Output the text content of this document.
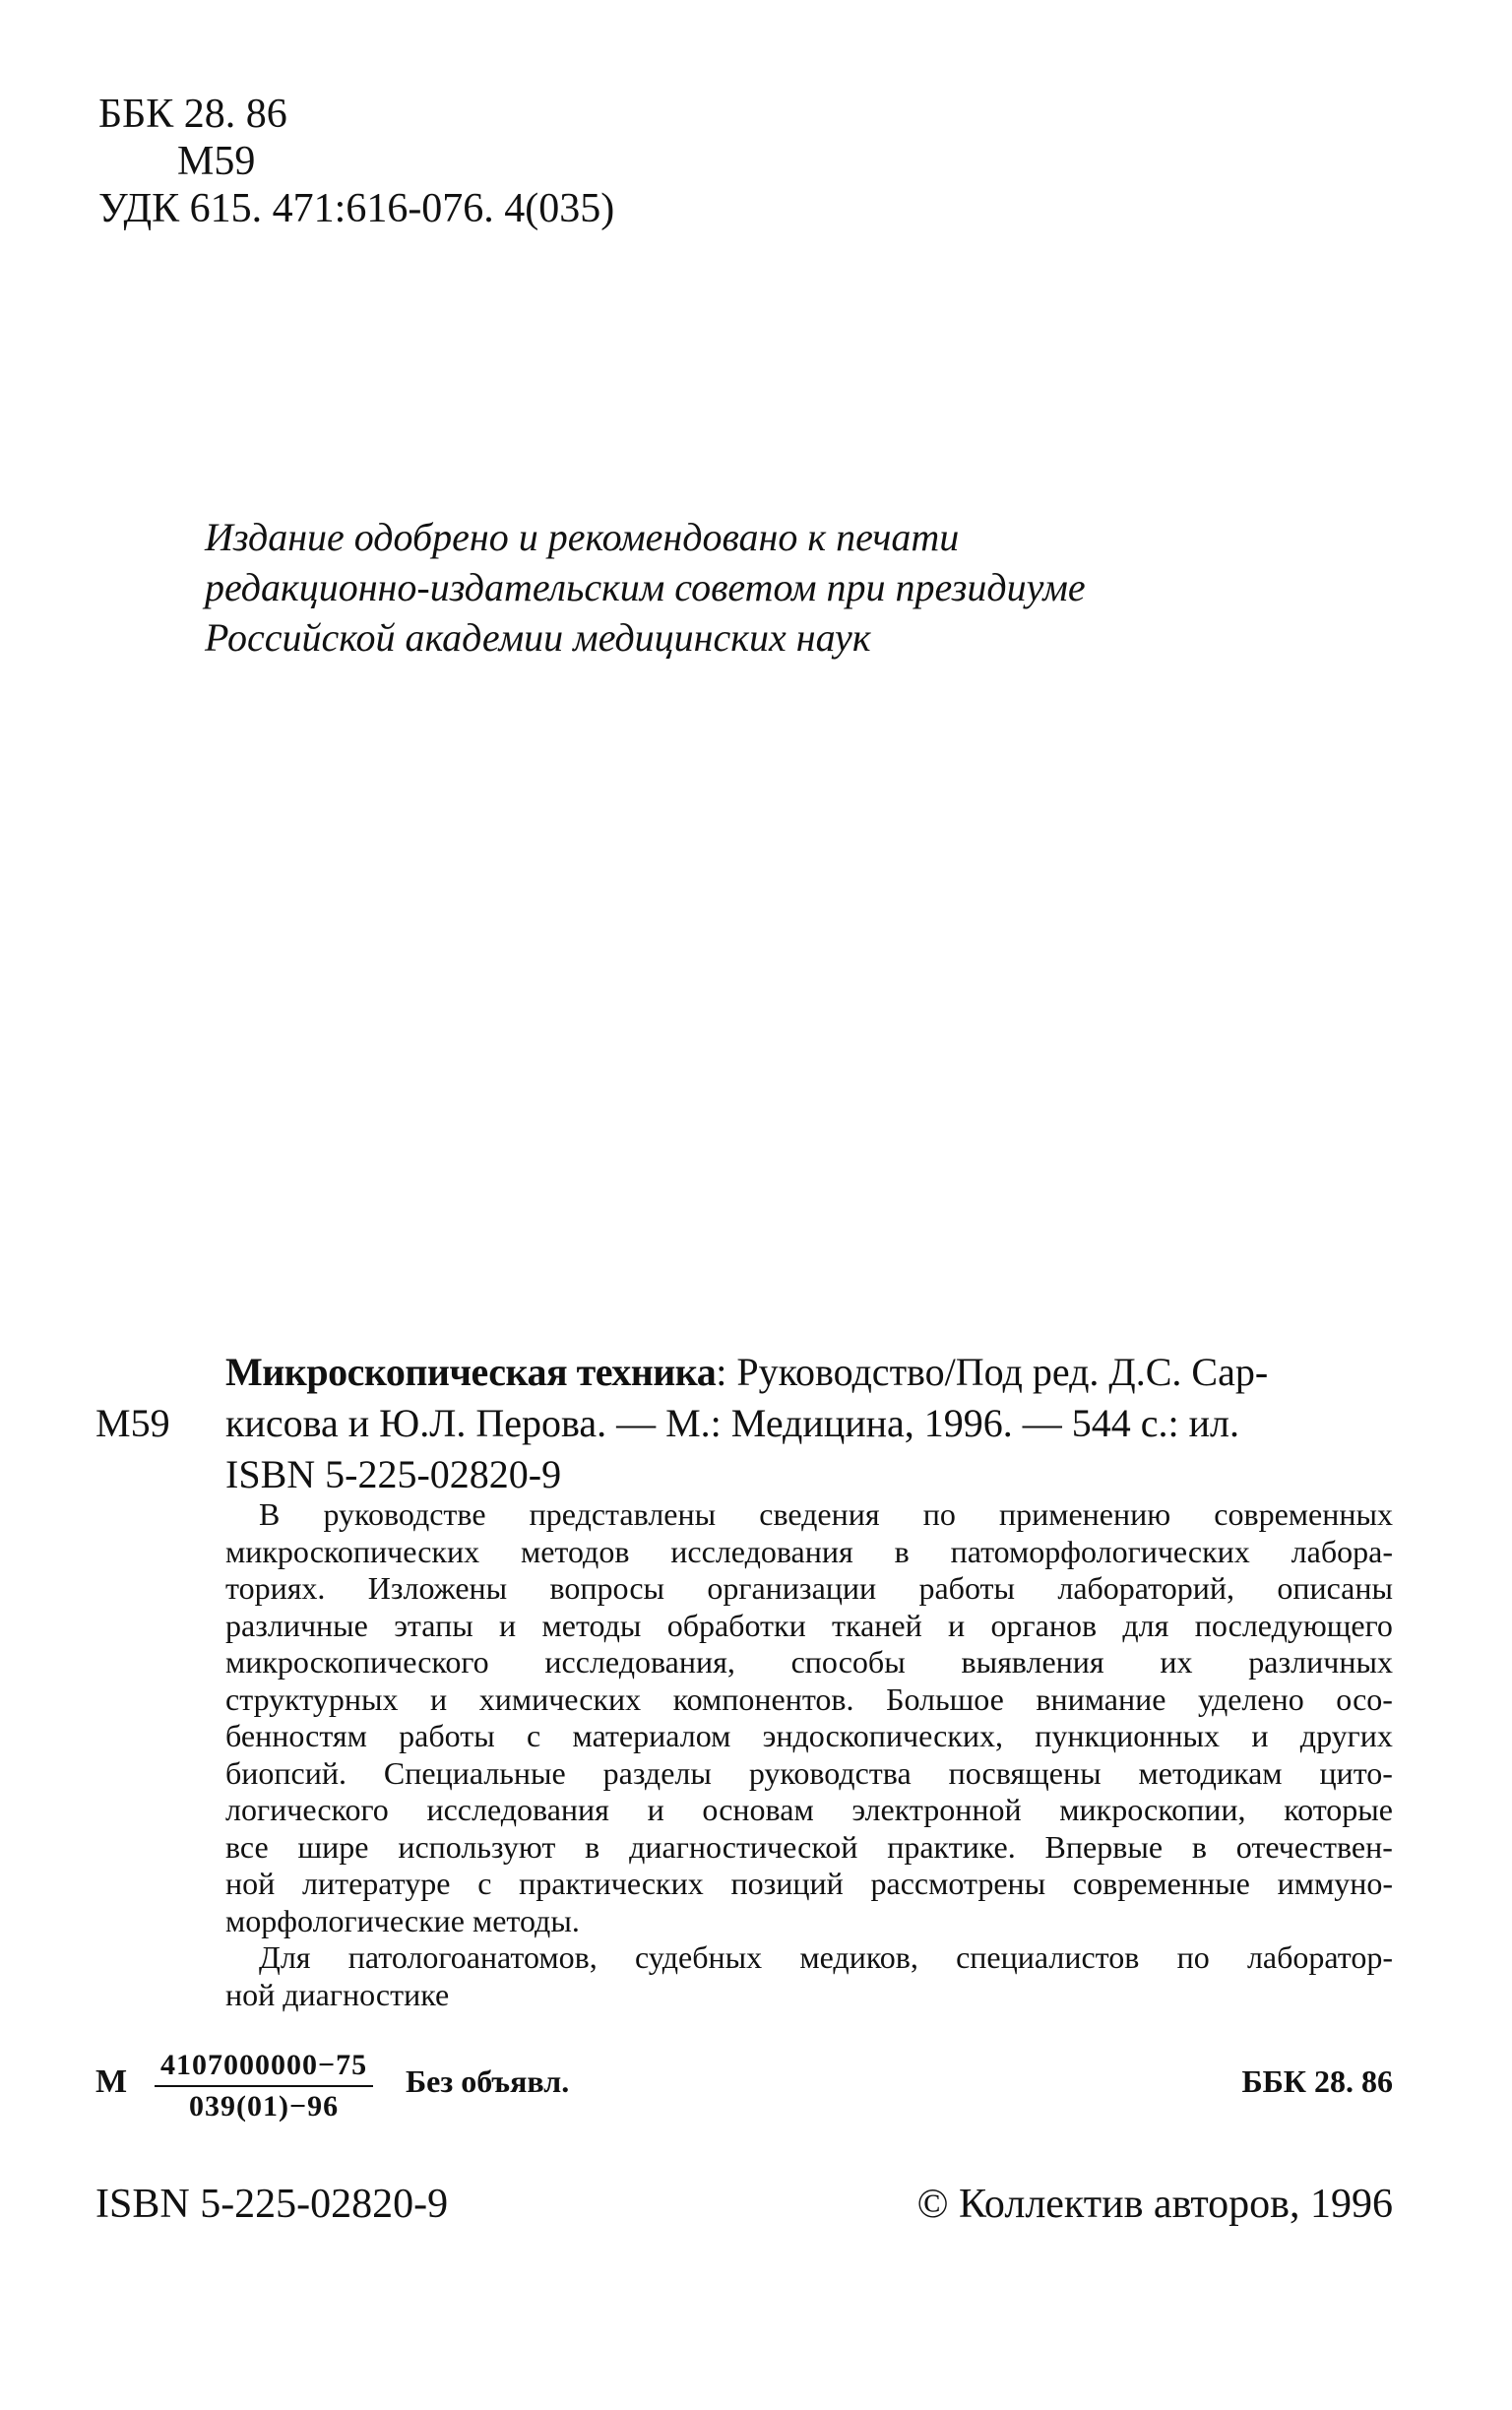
ББК 28. 86
M59
УДК 615. 471:616-076. 4(035)
Издание одобрено и рекомендовано к печати
редакционно-издательским советом при президиуме
Российской академии медицинских наук
Микроскопическая техника: Руководство/Под ред. Д.С. Сар-
M59 кисова и Ю.Л. Перова. — М.: Медицина, 1996. — 544 с.: ил.
ISBN 5-225-02820-9
В руководстве представлены сведения по применению современных
микроскопических методов исследования в патоморфологических лабора-
ториях. Изложены вопросы организации работы лабораторий, описаны
различные этапы и методы обработки тканей и органов для последующего
микроскопического исследования, способы выявления их различных
структурных и химических компонентов. Большое внимание уделено осо-
бенностям работы с материалом эндоскопических, пункционных и других
биопсий. Специальные разделы руководства посвящены методикам цито-
логического исследования и основам электронной микроскопии, которые
все шире используют в диагностической практике. Впервые в отечествен-
ной литературе с практических позиций рассмотрены современные иммуно-
морфологические методы.
Для патологоанатомов, судебных медиков, специалистов по лаборатор-
ной диагностике
М $\frac{4107000000-75}{039(01)-96}$ Без объявл.	ББК 28. 86
ISBN 5-225-02820-9	© Коллектив авторов, 1996
